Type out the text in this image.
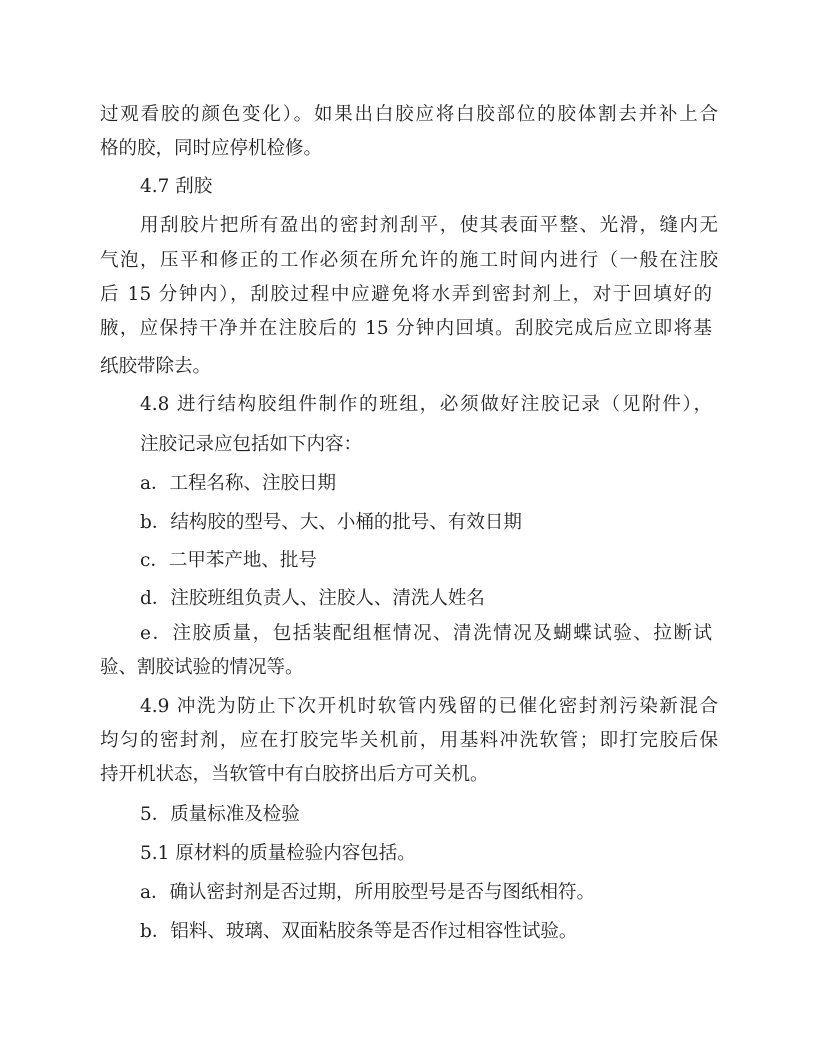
过观看胶的颜色变化）。如果出白胶应将白胶部位的胶体割去并补上合
格的胶，同时应停机检修。
4.7 刮胶
用刮胶片把所有盈出的密封剂刮平，使其表面平整、光滑，缝内无
气泡，压平和修正的工作必须在所允许的施工时间内进行（一般在注胶
后 15 分钟内），刮胶过程中应避免将水弄到密封剂上，对于回填好的
腋，应保持干净并在注胶后的 15 分钟内回填。刮胶完成后应立即将基
纸胶带除去。
4.8 进行结构胶组件制作的班组，必须做好注胶记录（见附件），
注胶记录应包括如下内容：
a．工程名称、注胶日期
b．结构胶的型号、大、小桶的批号、有效日期
c．二甲苯产地、批号
d．注胶班组负责人、注胶人、清洗人姓名
e．注胶质量，包括装配组框情况、清洗情况及蝴蝶试验、拉断试
验、割胶试验的情况等。
4.9 冲洗为防止下次开机时软管内残留的已催化密封剂污染新混合
均匀的密封剂，应在打胶完毕关机前，用基料冲洗软管；即打完胶后保
持开机状态，当软管中有白胶挤出后方可关机。
5．质量标准及检验
5.1 原材料的质量检验内容包括。
a．确认密封剂是否过期，所用胶型号是否与图纸相符。
b．铝料、玻璃、双面粘胶条等是否作过相容性试验。
